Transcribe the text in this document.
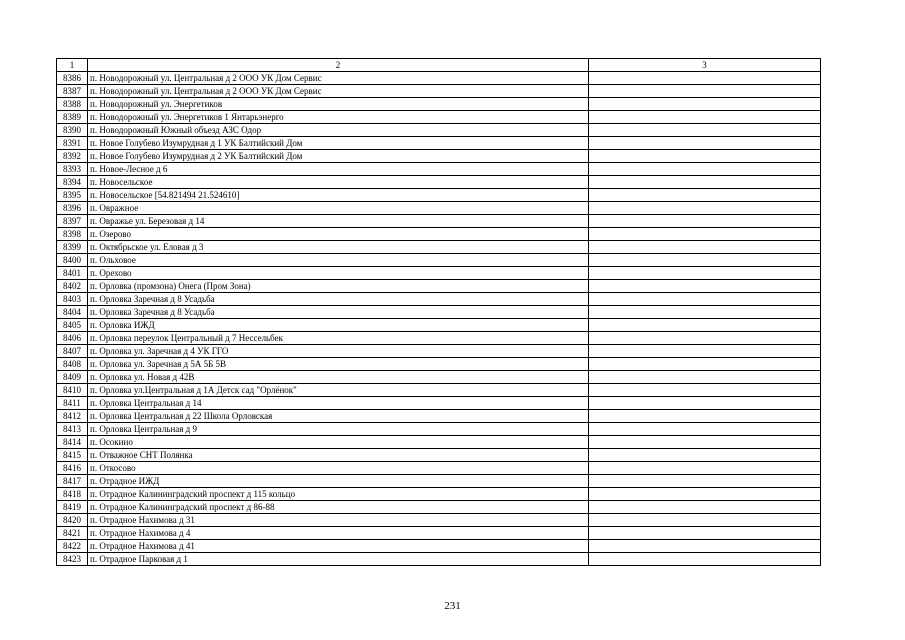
1	2	3
8386	п. Новодорожный ул. Центральная д 2 ООО УК Дом Сервис	
8387	п. Новодорожный ул. Центральная д 2 ООО УК Дом Сервис	
8388	п. Новодорожный ул. Энергетиков	
8389	п. Новодорожный ул. Энергетиков 1 Янтарьэнерго	
8390	п. Новодорожный Южный объезд АЗС Одор	
8391	п. Новое Голубево Изумрудная д 1 УК Балтийский Дом	
8392	п. Новое Голубево Изумрудная д 2 УК Балтийский Дом	
8393	п. Новое-Лесное д 6	
8394	п. Новосельское	
8395	п. Новосельское [54.821494 21.524610]	
8396	п. Овражное	
8397	п. Овражье ул. Березовая д 14	
8398	п. Озерово	
8399	п. Октябрьское ул. Еловая д 3	
8400	п. Ольховое	
8401	п. Орехово	
8402	п. Орловка (промзона) Онега (Пром Зона)	
8403	п. Орловка Заречная д 8 Усадьба	
8404	п. Орловка Заречная д 8 Усадьба	
8405	п. Орловка ИЖД	
8406	п. Орловка переулок Центральный д 7 Нессельбек	
8407	п. Орловка ул. Заречная д 4 УК ГГО	
8408	п. Орловка ул. Заречная д 5А 5Б 5В	
8409	п. Орловка ул. Новая д 42В	
8410	п. Орловка ул.Центральная д 1А Детск сад "Орлёнок"	
8411	п. Орловка Центральная д 14	
8412	п. Орловка Центральная д 22 Школа Орловская	
8413	п. Орловка Центральная д 9	
8414	п. Осокино	
8415	п. Отважное СНТ Полянка	
8416	п. Откосово	
8417	п. Отрадное ИЖД	
8418	п. Отрадное Калининградский проспект д 115 кольцо	
8419	п. Отрадное Калининградский проспект д 86-88	
8420	п. Отрадное Нахимова д 31	
8421	п. Отрадное Нахимова д 4	
8422	п. Отрадное Нахимова д 41	
8423	п. Отрадное Парковая д 1	
231
